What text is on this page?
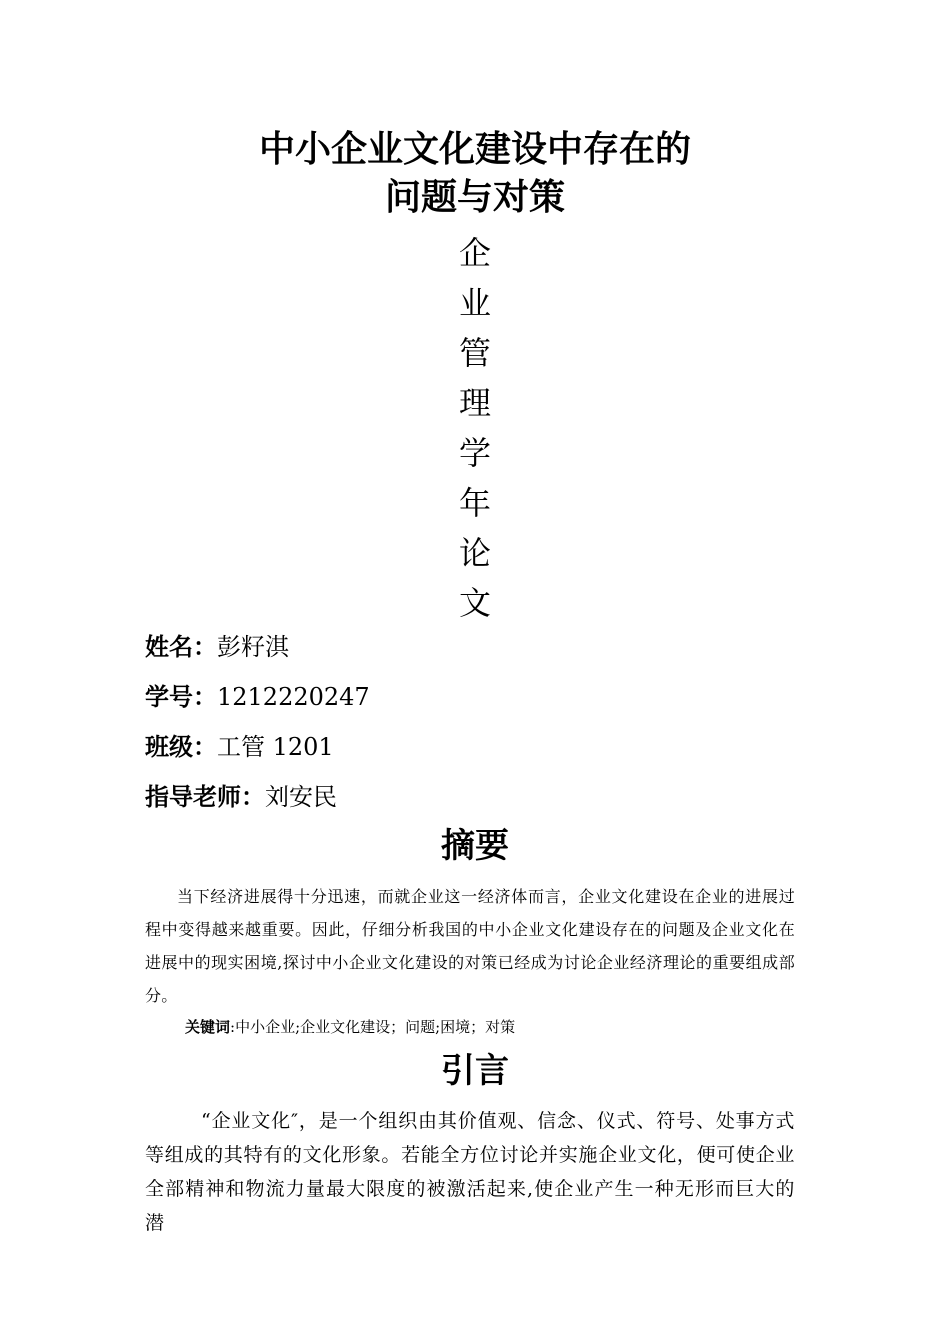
中小企业文化建设中存在的
问题与对策
企
业
管
理
学
年
论
文
姓名：彭籽淇
学号：1212220247
班级：工管 1201
指导老师：刘安民
摘要

当下经济进展得十分迅速，而就企业这一经济体而言，企业文化建设在企业的进展过程中变得越来越重要。因此，仔细分析我国的中小企业文化建设存在的问题及企业文化在进展中的现实困境,探讨中小企业文化建设的对策已经成为讨论企业经济理论的重要组成部分。

关键词:中小企业;企业文化建设；问题;困境；对策
引言

“企业文化″，是一个组织由其价值观、信念、仪式、符号、处事方式等组成的其特有的文化形象。若能全方位讨论并实施企业文化，便可使企业全部精神和物流力量最大限度的被激活起来,使企业产生一种无形而巨大的潜
